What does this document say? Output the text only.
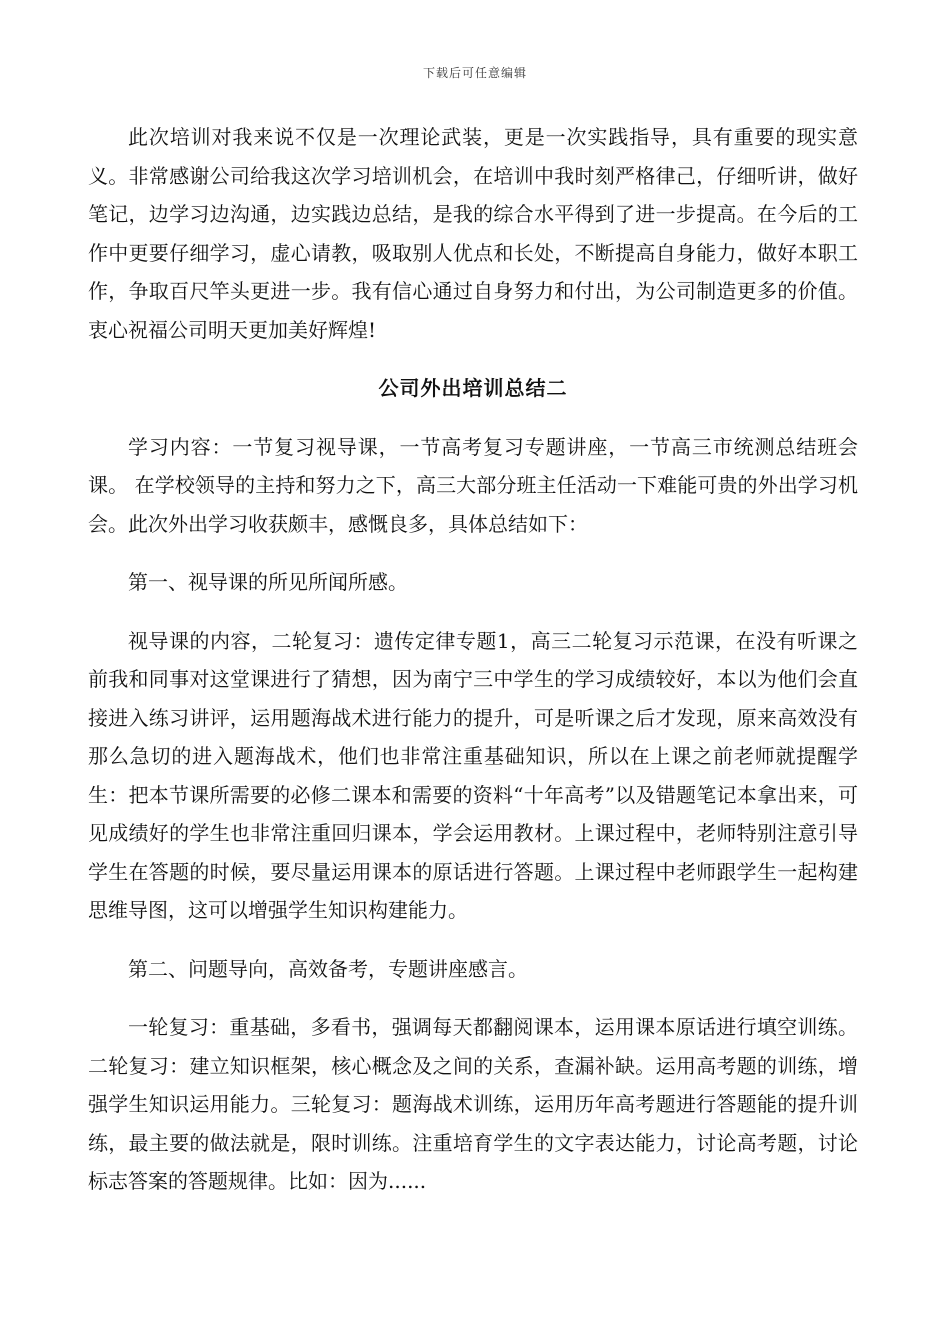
下载后可任意编辑

此次培训对我来说不仅是一次理论武装，更是一次实践指导，具有重要的现实意义。非常感谢公司给我这次学习培训机会，在培训中我时刻严格律己，仔细听讲，做好笔记，边学习边沟通，边实践边总结，是我的综合水平得到了进一步提高。在今后的工作中更要仔细学习，虚心请教，吸取别人优点和长处，不断提高自身能力，做好本职工作，争取百尺竿头更进一步。我有信心通过自身努力和付出，为公司制造更多的价值。衷心祝福公司明天更加美好辉煌!

公司外出培训总结二

学习内容：一节复习视导课，一节高考复习专题讲座，一节高三市统测总结班会课。 在学校领导的主持和努力之下，高三大部分班主任活动一下难能可贵的外出学习机会。此次外出学习收获颇丰，感慨良多，具体总结如下：

第一、视导课的所见所闻所感。

视导课的内容，二轮复习：遗传定律专题1，高三二轮复习示范课，在没有听课之前我和同事对这堂课进行了猜想，因为南宁三中学生的学习成绩较好，本以为他们会直接进入练习讲评，运用题海战术进行能力的提升，可是听课之后才发现，原来高效没有那么急切的进入题海战术，他们也非常注重基础知识，所以在上课之前老师就提醒学生：把本节课所需要的必修二课本和需要的资料“十年高考”以及错题笔记本拿出来，可见成绩好的学生也非常注重回归课本，学会运用教材。上课过程中，老师特别注意引导学生在答题的时候，要尽量运用课本的原话进行答题。上课过程中老师跟学生一起构建思维导图，这可以增强学生知识构建能力。

第二、问题导向，高效备考，专题讲座感言。

一轮复习：重基础，多看书，强调每天都翻阅课本，运用课本原话进行填空训练。二轮复习：建立知识框架，核心概念及之间的关系，查漏补缺。运用高考题的训练，增强学生知识运用能力。三轮复习：题海战术训练，运用历年高考题进行答题能的提升训练，最主要的做法就是，限时训练。注重培育学生的文字表达能力，讨论高考题，讨论标志答案的答题规律。比如：因为......
